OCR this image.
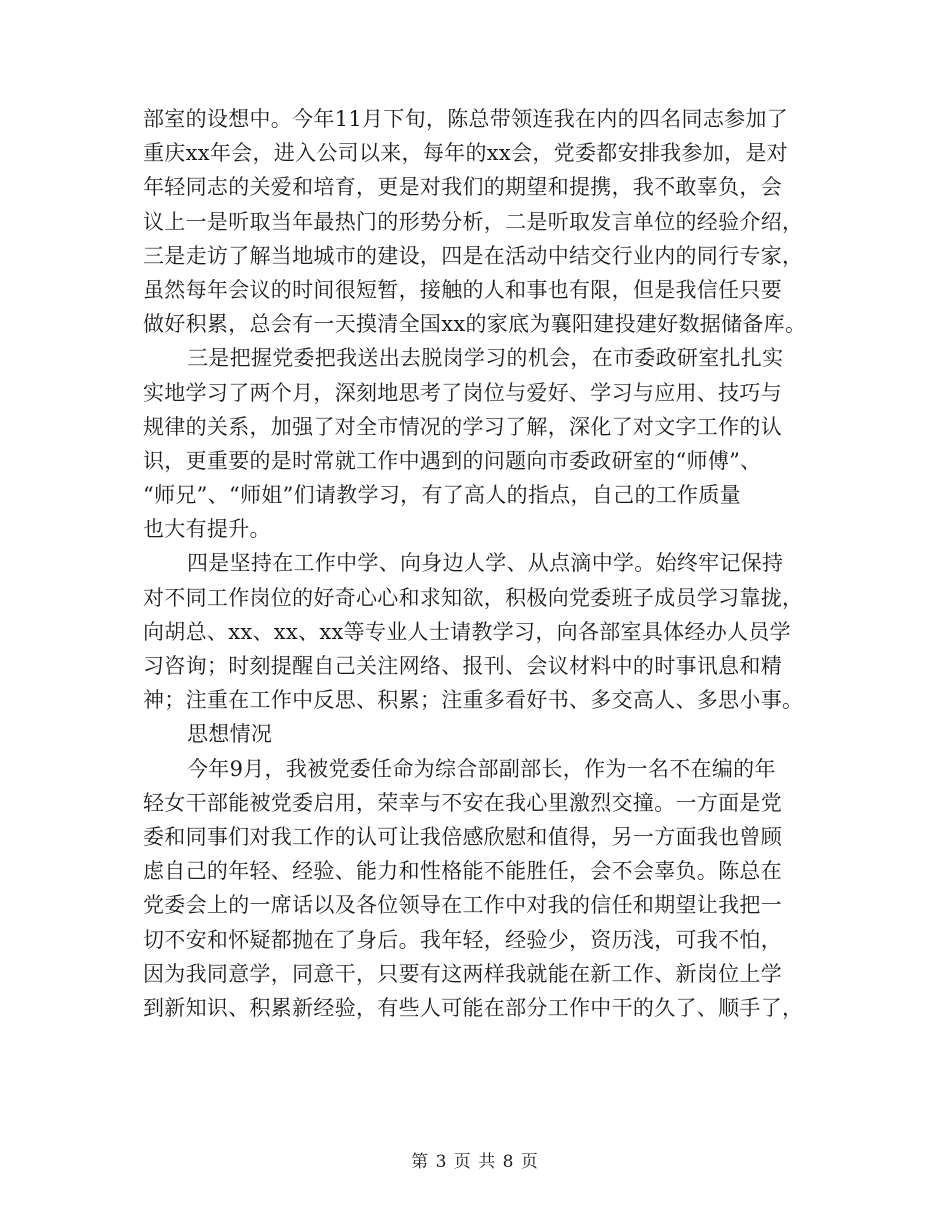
部室的设想中。今年11月下旬，陈总带领连我在内的四名同志参加了
重庆xx年会，进入公司以来，每年的xx会，党委都安排我参加，是对
年轻同志的关爱和培育，更是对我们的期望和提携，我不敢辜负，会
议上一是听取当年最热门的形势分析，二是听取发言单位的经验介绍，
三是走访了解当地城市的建设，四是在活动中结交行业内的同行专家，
虽然每年会议的时间很短暂，接触的人和事也有限，但是我信任只要
做好积累，总会有一天摸清全国xx的家底为襄阳建投建好数据储备库。
三是把握党委把我送出去脱岗学习的机会，在市委政研室扎扎实
实地学习了两个月，深刻地思考了岗位与爱好、学习与应用、技巧与
规律的关系，加强了对全市情况的学习了解，深化了对文字工作的认
识，更重要的是时常就工作中遇到的问题向市委政研室的“师傅”、
“师兄”、“师姐”们请教学习，有了高人的指点，自己的工作质量
也大有提升。
四是坚持在工作中学、向身边人学、从点滴中学。始终牢记保持
对不同工作岗位的好奇心心和求知欲，积极向党委班子成员学习靠拢，
向胡总、xx、xx、xx等专业人士请教学习，向各部室具体经办人员学
习咨询；时刻提醒自己关注网络、报刊、会议材料中的时事讯息和精
神；注重在工作中反思、积累；注重多看好书、多交高人、多思小事。
思想情况
今年9月，我被党委任命为综合部副部长，作为一名不在编的年
轻女干部能被党委启用，荣幸与不安在我心里激烈交撞。一方面是党
委和同事们对我工作的认可让我倍感欣慰和值得，另一方面我也曾顾
虑自己的年轻、经验、能力和性格能不能胜任，会不会辜负。陈总在
党委会上的一席话以及各位领导在工作中对我的信任和期望让我把一
切不安和怀疑都抛在了身后。我年轻，经验少，资历浅，可我不怕，
因为我同意学，同意干，只要有这两样我就能在新工作、新岗位上学
到新知识、积累新经验，有些人可能在部分工作中干的久了、顺手了，
第 3 页 共 8 页
